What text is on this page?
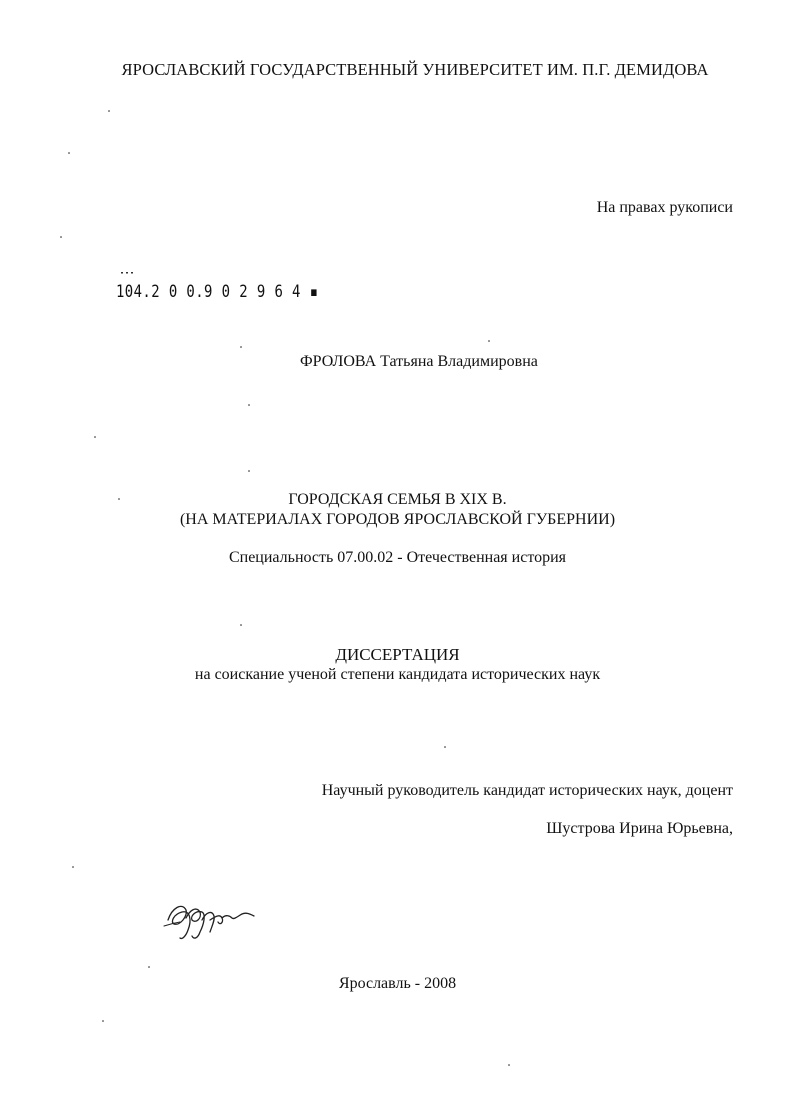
ЯРОСЛАВСКИЙ ГОСУДАРСТВЕННЫЙ УНИВЕРСИТЕТ ИМ. П.Г. ДЕМИДОВА
На правах рукописи
104.2 0 0.9 0 2 9 6 4 ▪
ФРОЛОВА Татьяна Владимировна
ГОРОДСКАЯ СЕМЬЯ В XIX В.
(НА МАТЕРИАЛАХ ГОРОДОВ ЯРОСЛАВСКОЙ ГУБЕРНИИ)
Специальность 07.00.02 - Отечественная история
ДИССЕРТАЦИЯ
на соискание ученой степени кандидата исторических наук
Научный руководитель кандидат исторических наук, доцент
Шустрова Ирина Юрьевна,
Ярославль - 2008
